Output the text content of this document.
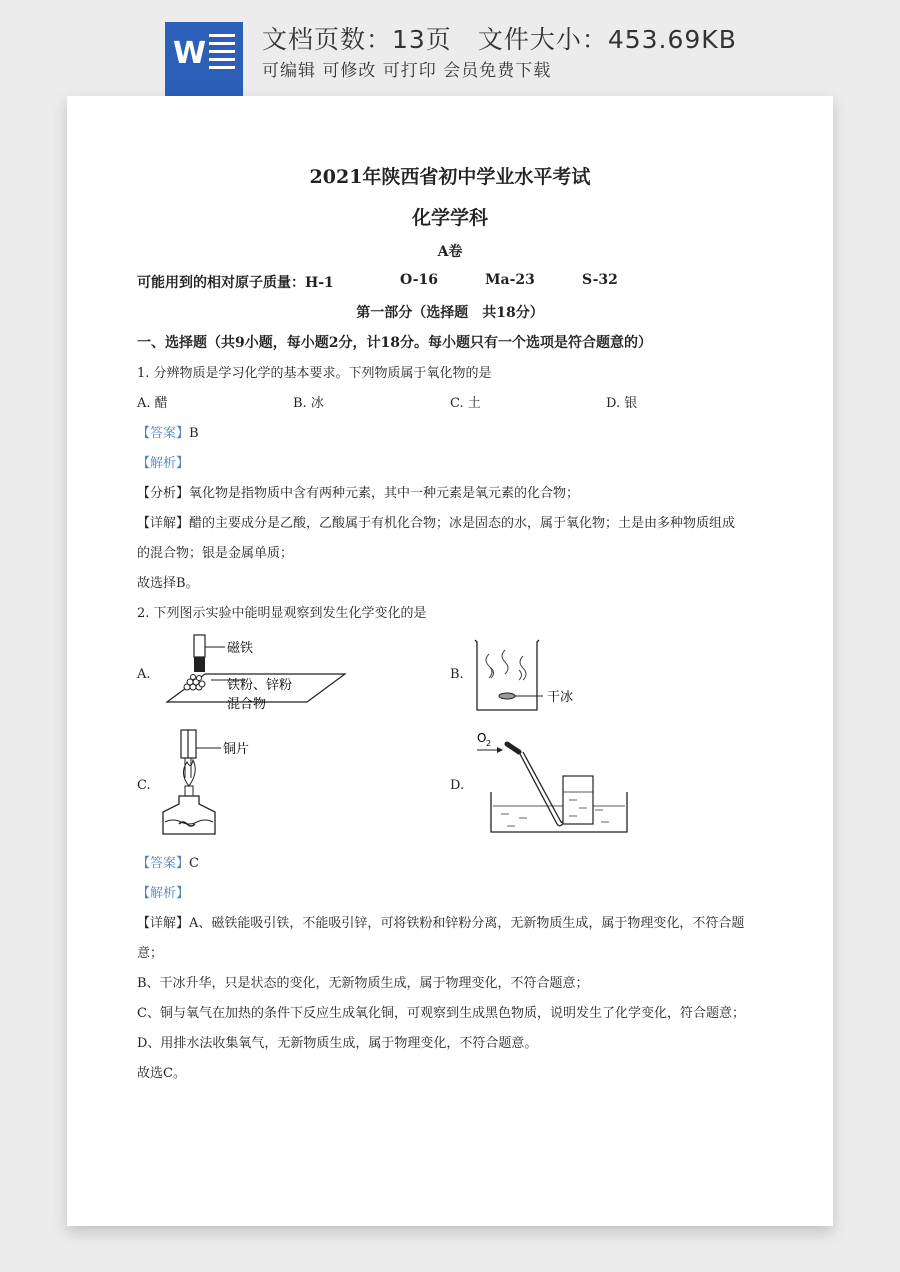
W 文档页数：13页　 文件大小：453.69KB
可编辑 可修改 可打印 会员免费下载
2021年陕西省初中学业水平考试
化学学科
A卷
可能用到的相对原子质量：H-1	O-16	Ma-23	S-32
第一部分（选择题　共18分）
一、选择题（共9小题，每小题2分，计18分。每小题只有一个选项是符合题意的）
1. 分辨物质是学习化学的基本要求。下列物质属于氧化物的是
A. 醋	B. 冰	C. 土	D. 银
【答案】B
【解析】
【分析】氧化物是指物质中含有两种元素，其中一种元素是氧元素的化合物；
【详解】醋的主要成分是乙酸，乙酸属于有机化合物；冰是固态的水，属于氧化物；土是由多种物质组成
的混合物；银是金属单质；
故选择B。
2. 下列图示实验中能明显观察到发生化学变化的是
A.	B.
C.	D.
磁铁
铁粉、锌粉
混合物	干冰
铜片
O 2
【答案】C
【解析】
【详解】A、磁铁能吸引铁，不能吸引锌，可将铁粉和锌粉分离，无新物质生成，属于物理变化，不符合题
意；
B、干冰升华，只是状态的变化，无新物质生成，属于物理变化，不符合题意；
C、铜与氧气在加热的条件下反应生成氧化铜，可观察到生成黑色物质，说明发生了化学变化，符合题意；
D、用排水法收集氧气，无新物质生成，属于物理变化，不符合题意。
故选C。
